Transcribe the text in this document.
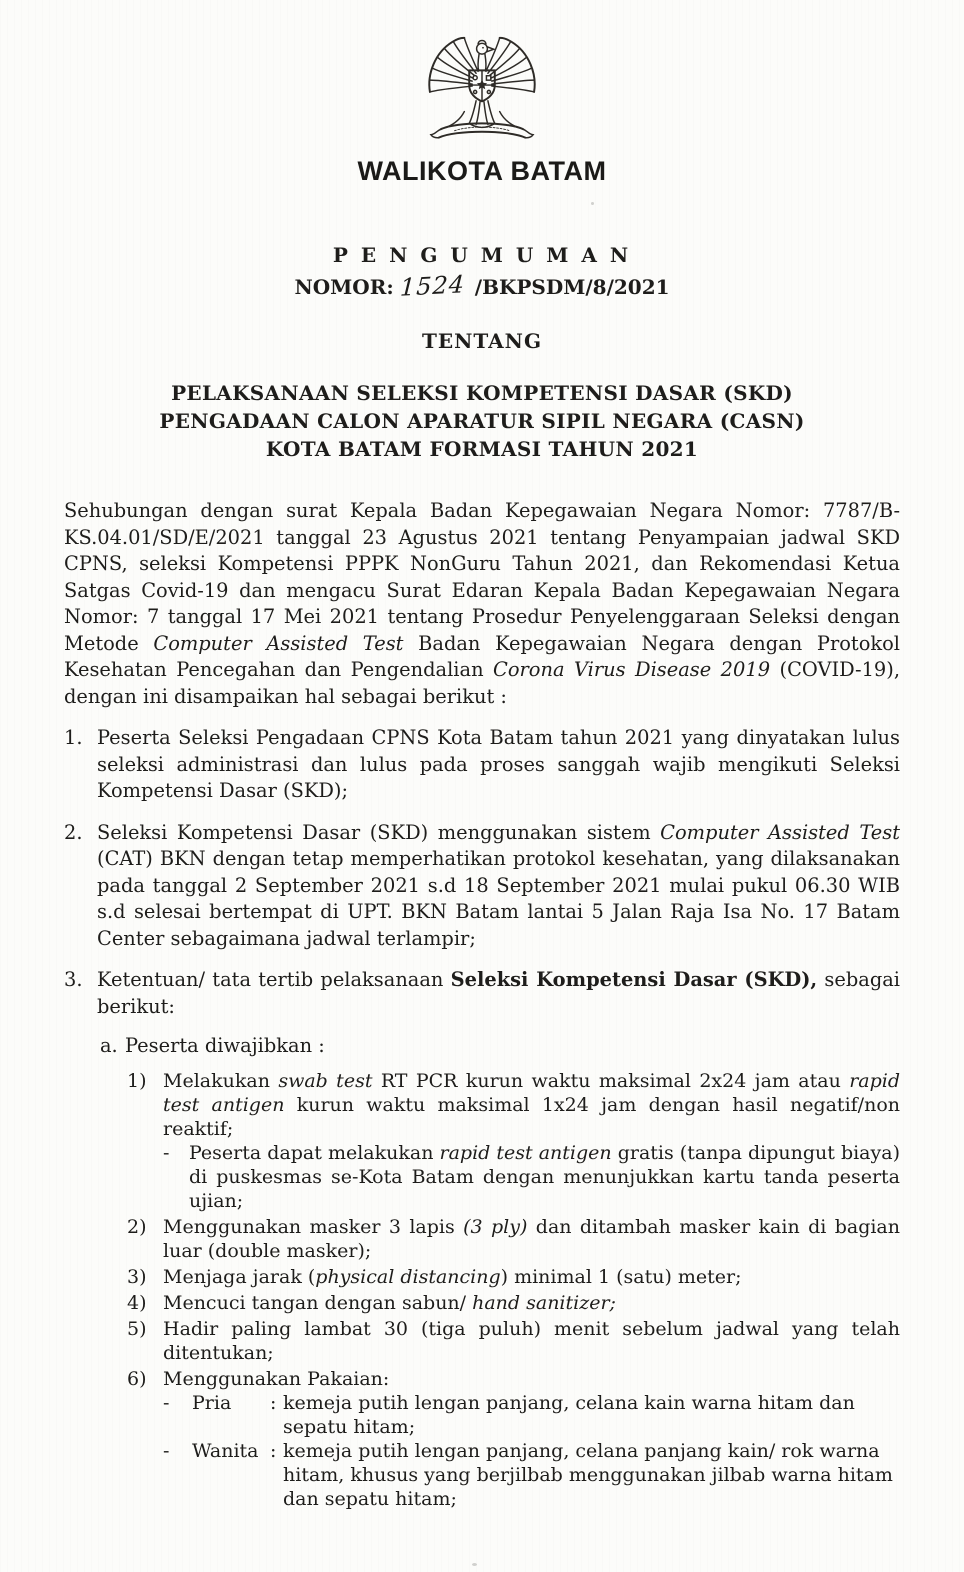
WALIKOTA BATAM
P E N G U M U M A N
NOMOR: 1524 /BKPSDM/8/2021
TENTANG
PELAKSANAAN SELEKSI KOMPETENSI DASAR (SKD)
PENGADAAN CALON APARATUR SIPIL NEGARA (CASN)
KOTA BATAM FORMASI TAHUN 2021

Sehubungan dengan surat Kepala Badan Kepegawaian Negara Nomor: 7787/B-KS.04.01/SD/E/2021 tanggal 23 Agustus 2021 tentang Penyampaian jadwal SKD CPNS, seleksi Kompetensi PPPK NonGuru Tahun 2021, dan Rekomendasi Ketua Satgas Covid-19 dan mengacu Surat Edaran Kepala Badan Kepegawaian Negara Nomor: 7 tanggal 17 Mei 2021 tentang Prosedur Penyelenggaraan Seleksi dengan Metode Computer Assisted Test Badan Kepegawaian Negara dengan Protokol Kesehatan Pencegahan dan Pengendalian Corona Virus Disease 2019 (COVID-19), dengan ini disampaikan hal sebagai berikut :

1. Peserta Seleksi Pengadaan CPNS Kota Batam tahun 2021 yang dinyatakan lulus seleksi administrasi dan lulus pada proses sanggah wajib mengikuti Seleksi Kompetensi Dasar (SKD);
2. Seleksi Kompetensi Dasar (SKD) menggunakan sistem Computer Assisted Test (CAT) BKN dengan tetap memperhatikan protokol kesehatan, yang dilaksanakan pada tanggal 2 September 2021 s.d 18 September 2021 mulai pukul 06.30 WIB s.d selesai bertempat di UPT. BKN Batam lantai 5 Jalan Raja Isa No. 17 Batam Center sebagaimana jadwal terlampir;
3. Ketentuan/ tata tertib pelaksanaan Seleksi Kompetensi Dasar (SKD), sebagai berikut:
a. Peserta diwajibkan :
1) Melakukan swab test RT PCR kurun waktu maksimal 2x24 jam atau rapid test antigen kurun waktu maksimal 1x24 jam dengan hasil negatif/non reaktif;
-	Peserta dapat melakukan rapid test antigen gratis (tanpa dipungut biaya) di puskesmas se-Kota Batam dengan menunjukkan kartu tanda peserta ujian;
2) Menggunakan masker 3 lapis (3 ply) dan ditambah masker kain di bagian luar (double masker);
3) Menjaga jarak (physical distancing) minimal 1 (satu) meter;
4) Mencuci tangan dengan sabun/ hand sanitizer;
5) Hadir paling lambat 30 (tiga puluh) menit sebelum jadwal yang telah ditentukan;
6) Menggunakan Pakaian:
-	Pria	: kemeja putih lengan panjang, celana kain warna hitam dan sepatu hitam;
-	Wanita : kemeja putih lengan panjang, celana panjang kain/ rok warna hitam, khusus yang berjilbab menggunakan jilbab warna hitam dan sepatu hitam;
